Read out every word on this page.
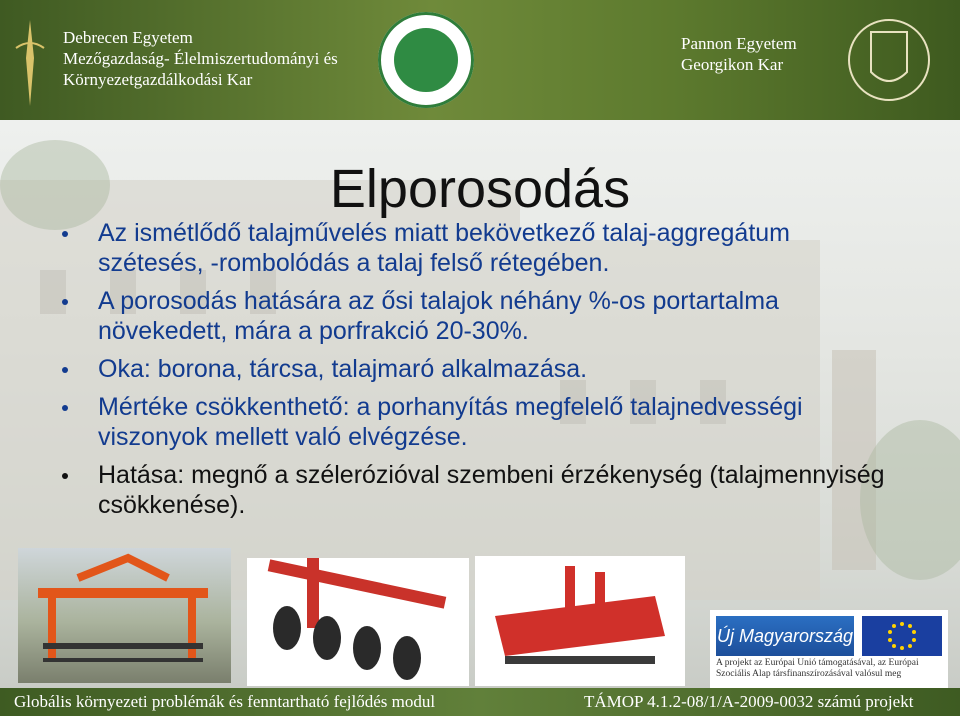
Debrecen Egyetem
Mezőgazdaság- Élelmiszertudományi és
Környezetgazdálkodási Kar
Pannon Egyetem
Georgikon Kar
Elporosodás
Az ismétlődő talajművelés miatt bekövetkező talaj-aggregátum szétesés, -rombolódás a talaj felső rétegében.
A porosodás hatására az ősi talajok néhány %-os portartalma növekedett, mára a porfrakció 20-30%.
Oka: borona, tárcsa, talajmaró alkalmazása.
Mértéke csökkenthető: a porhanyítás megfelelő talajnedvességi viszonyok mellett való elvégzése.
Hatása: megnő a szélerózióval szembeni érzékenység (talajmennyiség csökkenése).
Új Magyarország
A projekt az Európai Unió támogatásával, az Európai Szociális Alap társfinanszírozásával valósul meg
Globális környezeti problémák és fenntartható fejlődés modul	TÁMOP 4.1.2-08/1/A-2009-0032 számú projekt
